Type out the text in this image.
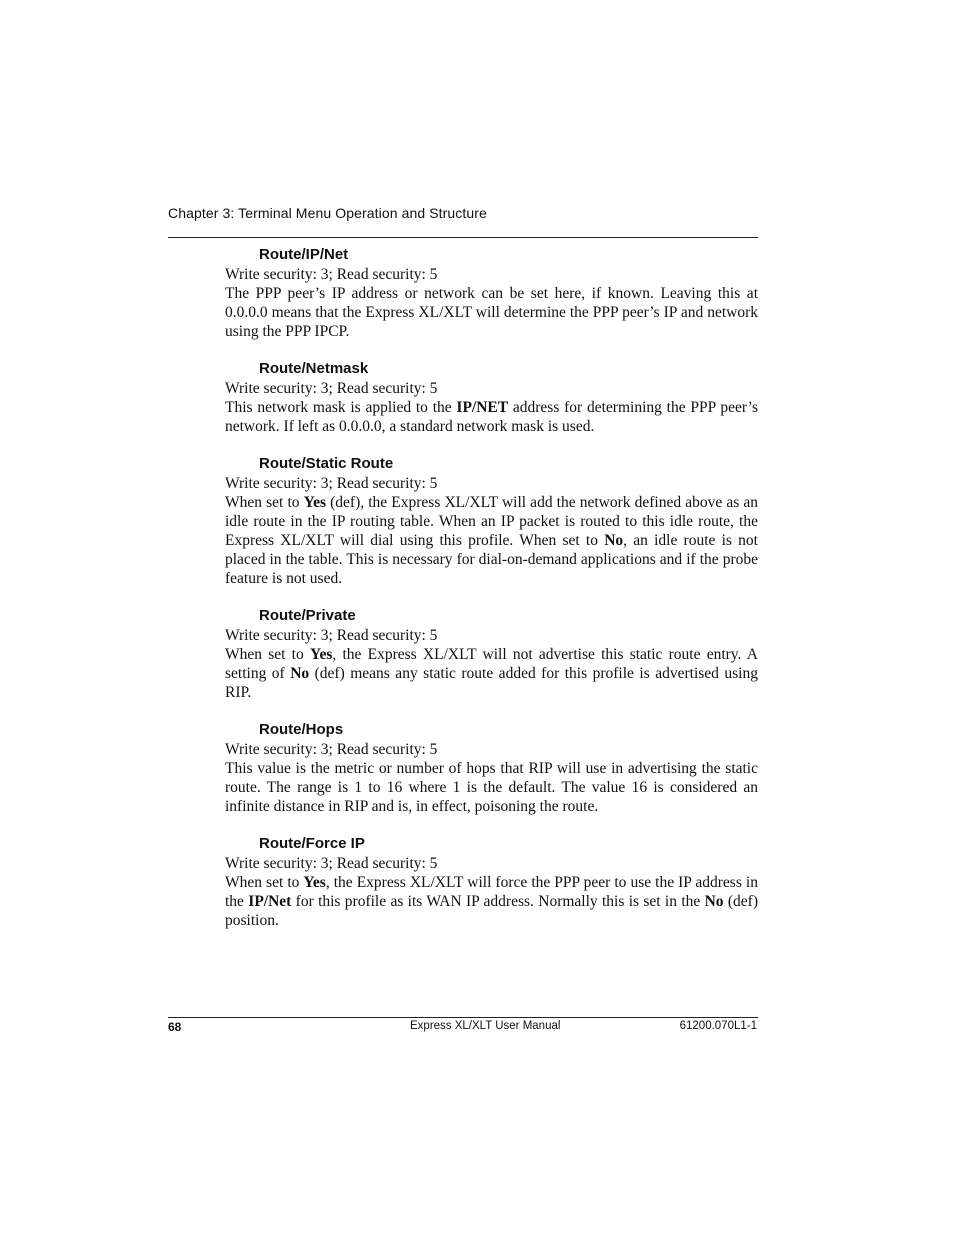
Chapter 3: Terminal Menu Operation and Structure
Route/IP/Net

Write security: 3; Read security: 5

The PPP peer’s IP address or network can be set here, if known. Leaving this at 0.0.0.0 means that the Express XL/XLT will determine the PPP peer’s IP and network using the PPP IPCP.

Route/Netmask

Write security: 3; Read security: 5

This network mask is applied to the IP/NET address for determining the PPP peer’s network. If left as 0.0.0.0, a standard network mask is used.

Route/Static Route

Write security: 3; Read security: 5

When set to Yes (def), the Express XL/XLT will add the network defined above as an idle route in the IP routing table. When an IP packet is routed to this idle route, the Express XL/XLT will dial using this profile. When set to No, an idle route is not placed in the table. This is necessary for dial-on-demand applications and if the probe feature is not used.

Route/Private

Write security: 3; Read security: 5

When set to Yes, the Express XL/XLT will not advertise this static route entry. A setting of No (def) means any static route added for this profile is advertised using RIP.

Route/Hops

Write security: 3; Read security: 5

This value is the metric or number of hops that RIP will use in advertising the static route. The range is 1 to 16 where 1 is the default. The value 16 is considered an infinite distance in RIP and is, in effect, poisoning the route.

Route/Force IP

Write security: 3; Read security: 5

When set to Yes, the Express XL/XLT will force the PPP peer to use the IP address in the IP/Net for this profile as its WAN IP address. Normally this is set in the No (def) position.

68	Express XL/XLT User Manual	61200.070L1-1
